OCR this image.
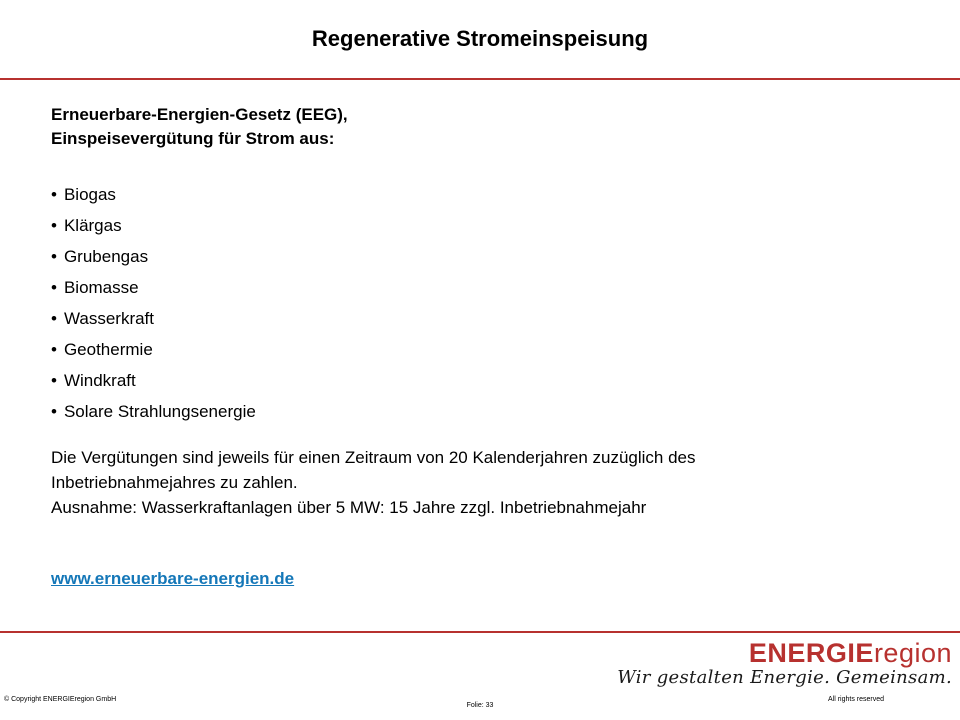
Regenerative Stromeinspeisung

Erneuerbare-Energien-Gesetz (EEG),
Einspeisevergütung für Strom aus:

• Biogas
• Klärgas
• Grubengas
• Biomasse
• Wasserkraft
• Geothermie
• Windkraft
• Solare Strahlungsenergie

Die Vergütungen sind jeweils für einen Zeitraum von 20 Kalenderjahren zuzüglich des
Inbetriebnahmejahres zu zahlen.
Ausnahme: Wasserkraftanlagen über 5 MW: 15 Jahre zzgl. Inbetriebnahmejahr

www.erneuerbare-energien.de
ENERGIEregion
Wir gestalten Energie. Gemeinsam.
© Copyright ENERGIEregion GmbH
Folie: 33
All rights reserved
